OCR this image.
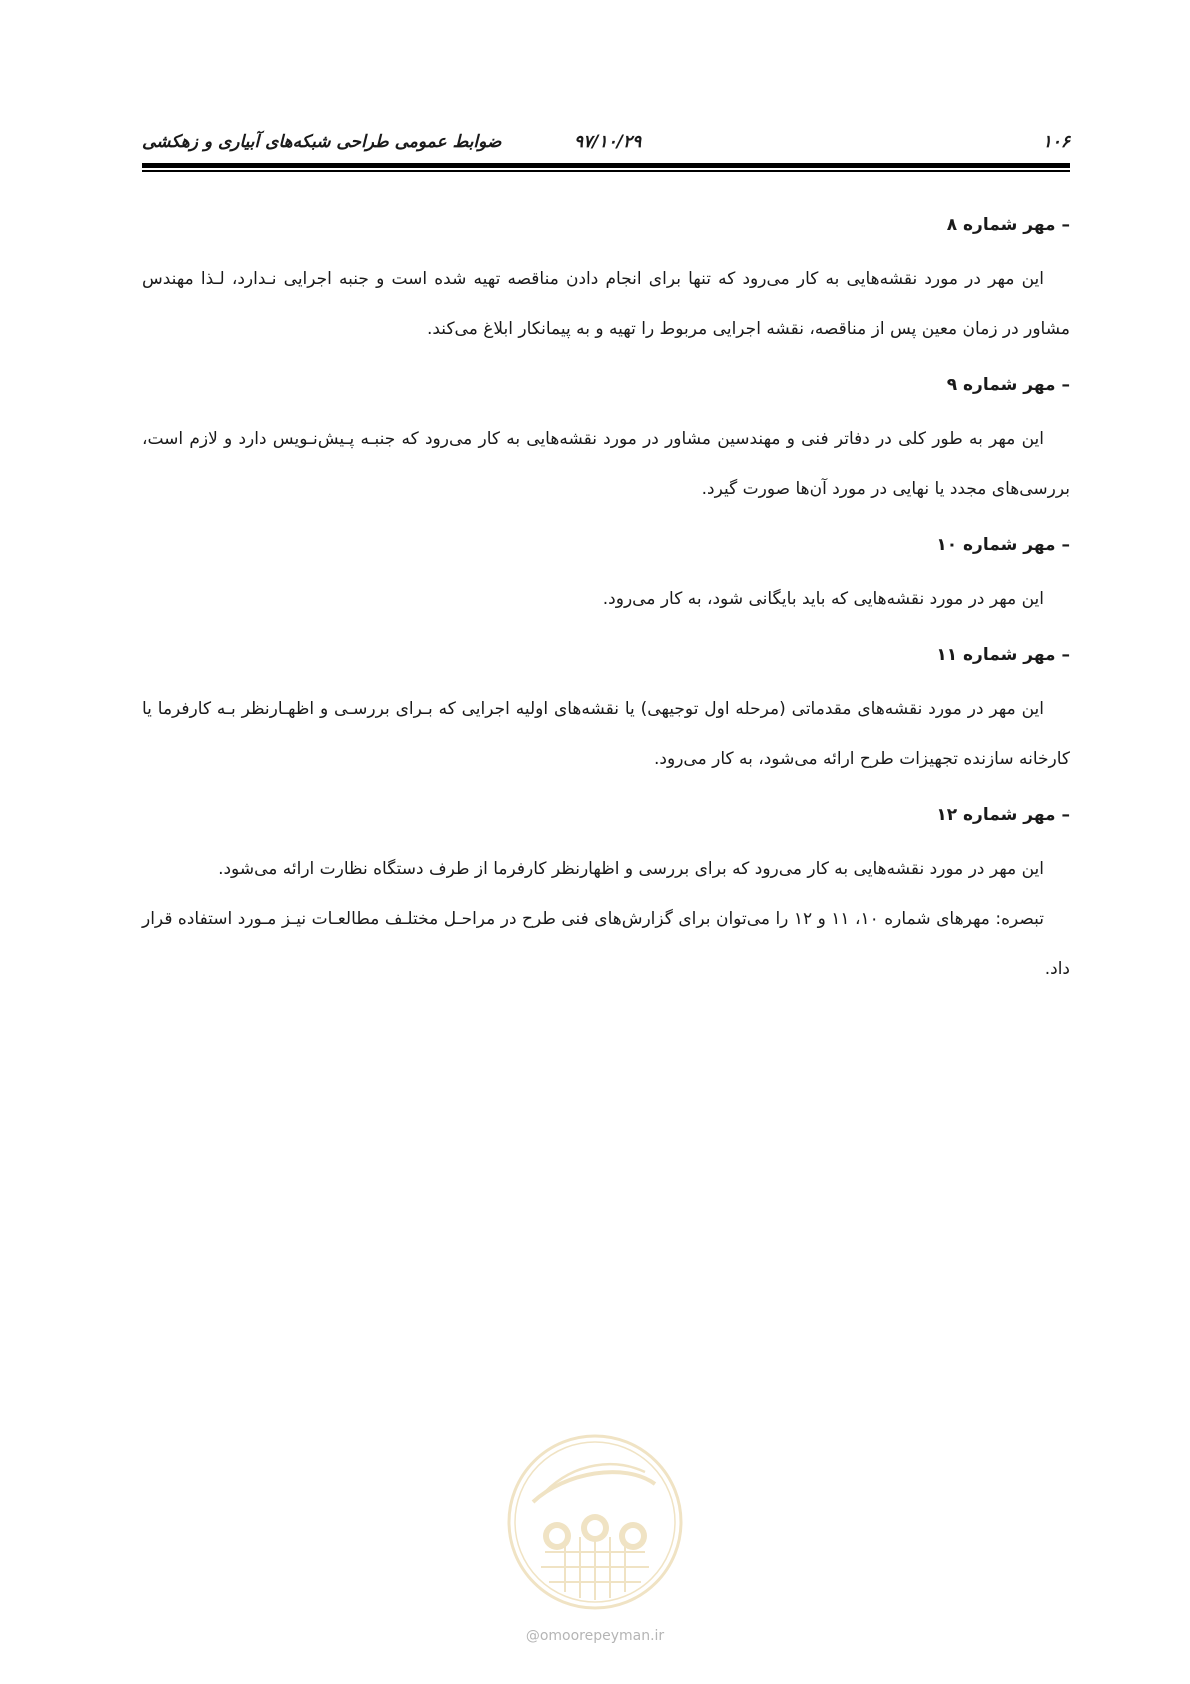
۱۰۶
۹۷/۱۰/۲۹
ضوابط عمومی طراحی شبکه‌های آبیاری و زهکشی
– مهر شماره ۸

این مهر در مورد نقشه‌هایی به کار می‌رود که تنها برای انجام دادن مناقصه تهیه شده است و جنبه اجرایی نـدارد، لـذا مهندس مشاور در زمان معین پس از مناقصه، نقشه اجرایی مربوط را تهیه و به پیمانکار ابلاغ می‌کند.

– مهر شماره ۹

این مهر به طور کلی در دفاتر فنی و مهندسین مشاور در مورد نقشه‌هایی به کار می‌رود که جنبـه پـیش‌نـویس دارد و لازم است، بررسی‌های مجدد یا نهایی در مورد آن‌ها صورت گیرد.

– مهر شماره ۱۰

این مهر در مورد نقشه‌هایی که باید بایگانی شود، به کار می‌رود.

– مهر شماره ۱۱

این مهر در مورد نقشه‌های مقدماتی (مرحله اول توجیهی) یا نقشه‌های اولیه اجرایی که بـرای بررسـی و اظهـارنظر بـه کارفرما یا کارخانه سازنده تجهیزات طرح ارائه می‌شود، به کار می‌رود.

– مهر شماره ۱۲

این مهر در مورد نقشه‌هایی به کار می‌رود که برای بررسی و اظهارنظر کارفرما از طرف دستگاه نظارت ارائه می‌شود.

تبصره: مهرهای شماره ۱۰، ۱۱ و ۱۲ را می‌توان برای گزارش‌های فنی طرح در مراحـل مختلـف مطالعـات نیـز مـورد استفاده قرار داد.

@omoorepeyman.ir
